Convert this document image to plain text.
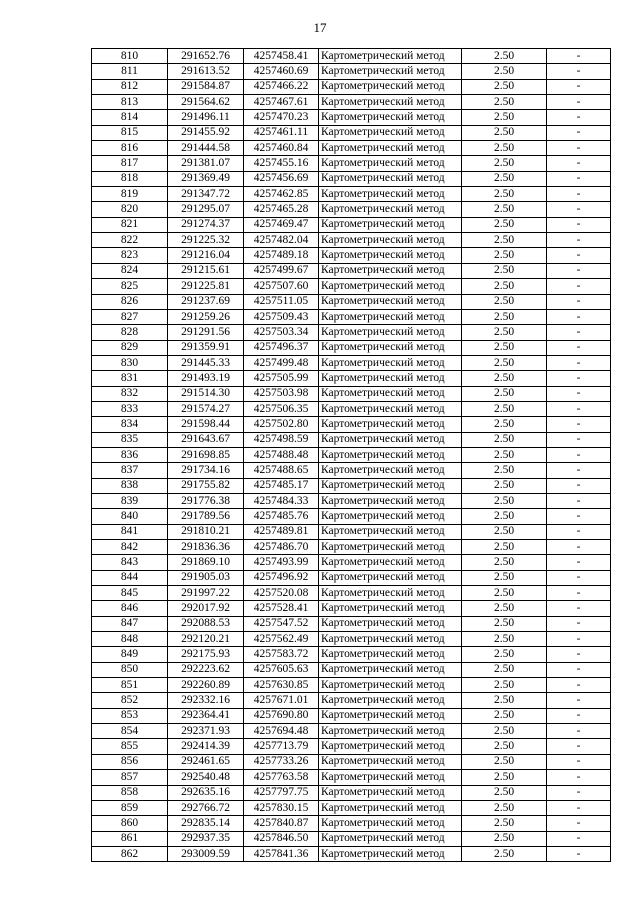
17
810	291652.76	4257458.41	Картометрический метод	2.50	-
811	291613.52	4257460.69	Картометрический метод	2.50	-
812	291584.87	4257466.22	Картометрический метод	2.50	-
813	291564.62	4257467.61	Картометрический метод	2.50	-
814	291496.11	4257470.23	Картометрический метод	2.50	-
815	291455.92	4257461.11	Картометрический метод	2.50	-
816	291444.58	4257460.84	Картометрический метод	2.50	-
817	291381.07	4257455.16	Картометрический метод	2.50	-
818	291369.49	4257456.69	Картометрический метод	2.50	-
819	291347.72	4257462.85	Картометрический метод	2.50	-
820	291295.07	4257465.28	Картометрический метод	2.50	-
821	291274.37	4257469.47	Картометрический метод	2.50	-
822	291225.32	4257482.04	Картометрический метод	2.50	-
823	291216.04	4257489.18	Картометрический метод	2.50	-
824	291215.61	4257499.67	Картометрический метод	2.50	-
825	291225.81	4257507.60	Картометрический метод	2.50	-
826	291237.69	4257511.05	Картометрический метод	2.50	-
827	291259.26	4257509.43	Картометрический метод	2.50	-
828	291291.56	4257503.34	Картометрический метод	2.50	-
829	291359.91	4257496.37	Картометрический метод	2.50	-
830	291445.33	4257499.48	Картометрический метод	2.50	-
831	291493.19	4257505.99	Картометрический метод	2.50	-
832	291514.30	4257503.98	Картометрический метод	2.50	-
833	291574.27	4257506.35	Картометрический метод	2.50	-
834	291598.44	4257502.80	Картометрический метод	2.50	-
835	291643.67	4257498.59	Картометрический метод	2.50	-
836	291698.85	4257488.48	Картометрический метод	2.50	-
837	291734.16	4257488.65	Картометрический метод	2.50	-
838	291755.82	4257485.17	Картометрический метод	2.50	-
839	291776.38	4257484.33	Картометрический метод	2.50	-
840	291789.56	4257485.76	Картометрический метод	2.50	-
841	291810.21	4257489.81	Картометрический метод	2.50	-
842	291836.36	4257486.70	Картометрический метод	2.50	-
843	291869.10	4257493.99	Картометрический метод	2.50	-
844	291905.03	4257496.92	Картометрический метод	2.50	-
845	291997.22	4257520.08	Картометрический метод	2.50	-
846	292017.92	4257528.41	Картометрический метод	2.50	-
847	292088.53	4257547.52	Картометрический метод	2.50	-
848	292120.21	4257562.49	Картометрический метод	2.50	-
849	292175.93	4257583.72	Картометрический метод	2.50	-
850	292223.62	4257605.63	Картометрический метод	2.50	-
851	292260.89	4257630.85	Картометрический метод	2.50	-
852	292332.16	4257671.01	Картометрический метод	2.50	-
853	292364.41	4257690.80	Картометрический метод	2.50	-
854	292371.93	4257694.48	Картометрический метод	2.50	-
855	292414.39	4257713.79	Картометрический метод	2.50	-
856	292461.65	4257733.26	Картометрический метод	2.50	-
857	292540.48	4257763.58	Картометрический метод	2.50	-
858	292635.16	4257797.75	Картометрический метод	2.50	-
859	292766.72	4257830.15	Картометрический метод	2.50	-
860	292835.14	4257840.87	Картометрический метод	2.50	-
861	292937.35	4257846.50	Картометрический метод	2.50	-
862	293009.59	4257841.36	Картометрический метод	2.50	-
